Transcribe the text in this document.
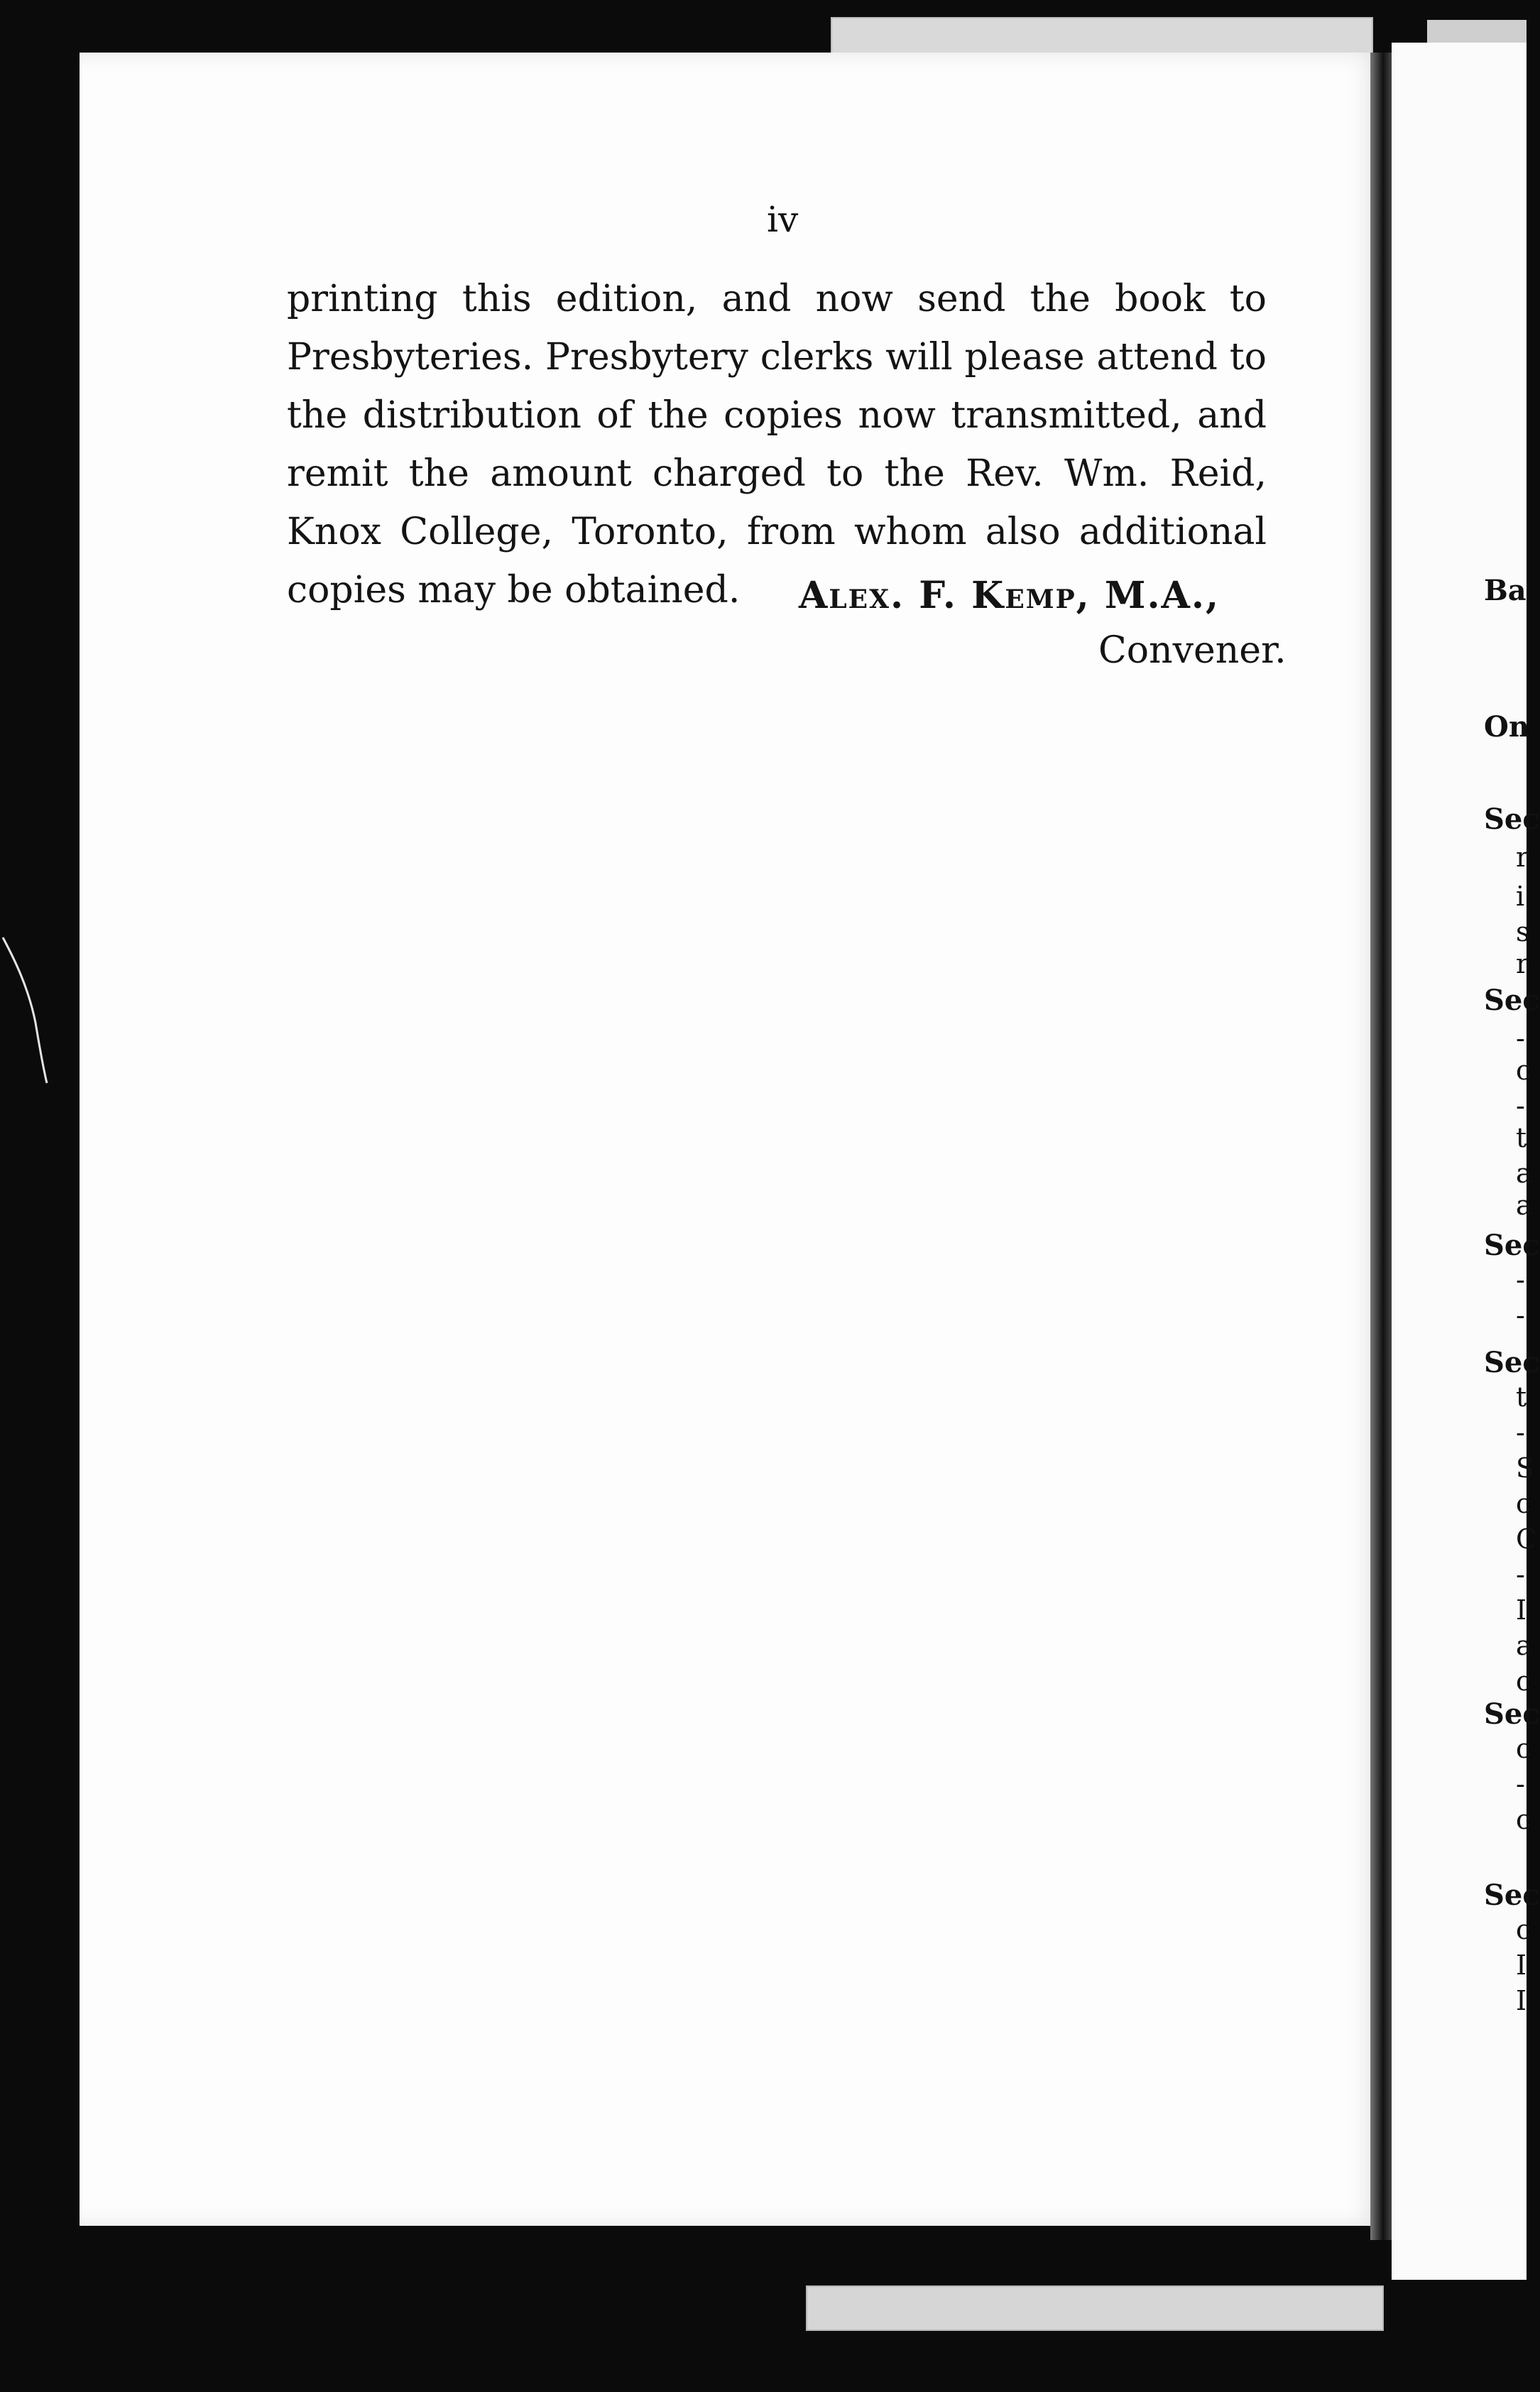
iv

printing this edition, and now send the book to Presbyteries. Presbytery clerks will please attend to the distribution of the copies now transmitted, and remit the amount charged to the Rev. Wm. Reid, Knox College, Toronto, from whom also additional copies may be obtained.	Alex. F. Kemp, M.A.,
Convener.
Ba
On
Sec
Sec
Sec
Sec
Sec
Sec
r
i
s
r
-
c
-
t
a
a
-
-
t
-
S
c
C
-
I
a
c
c
-
c
c
I
I
